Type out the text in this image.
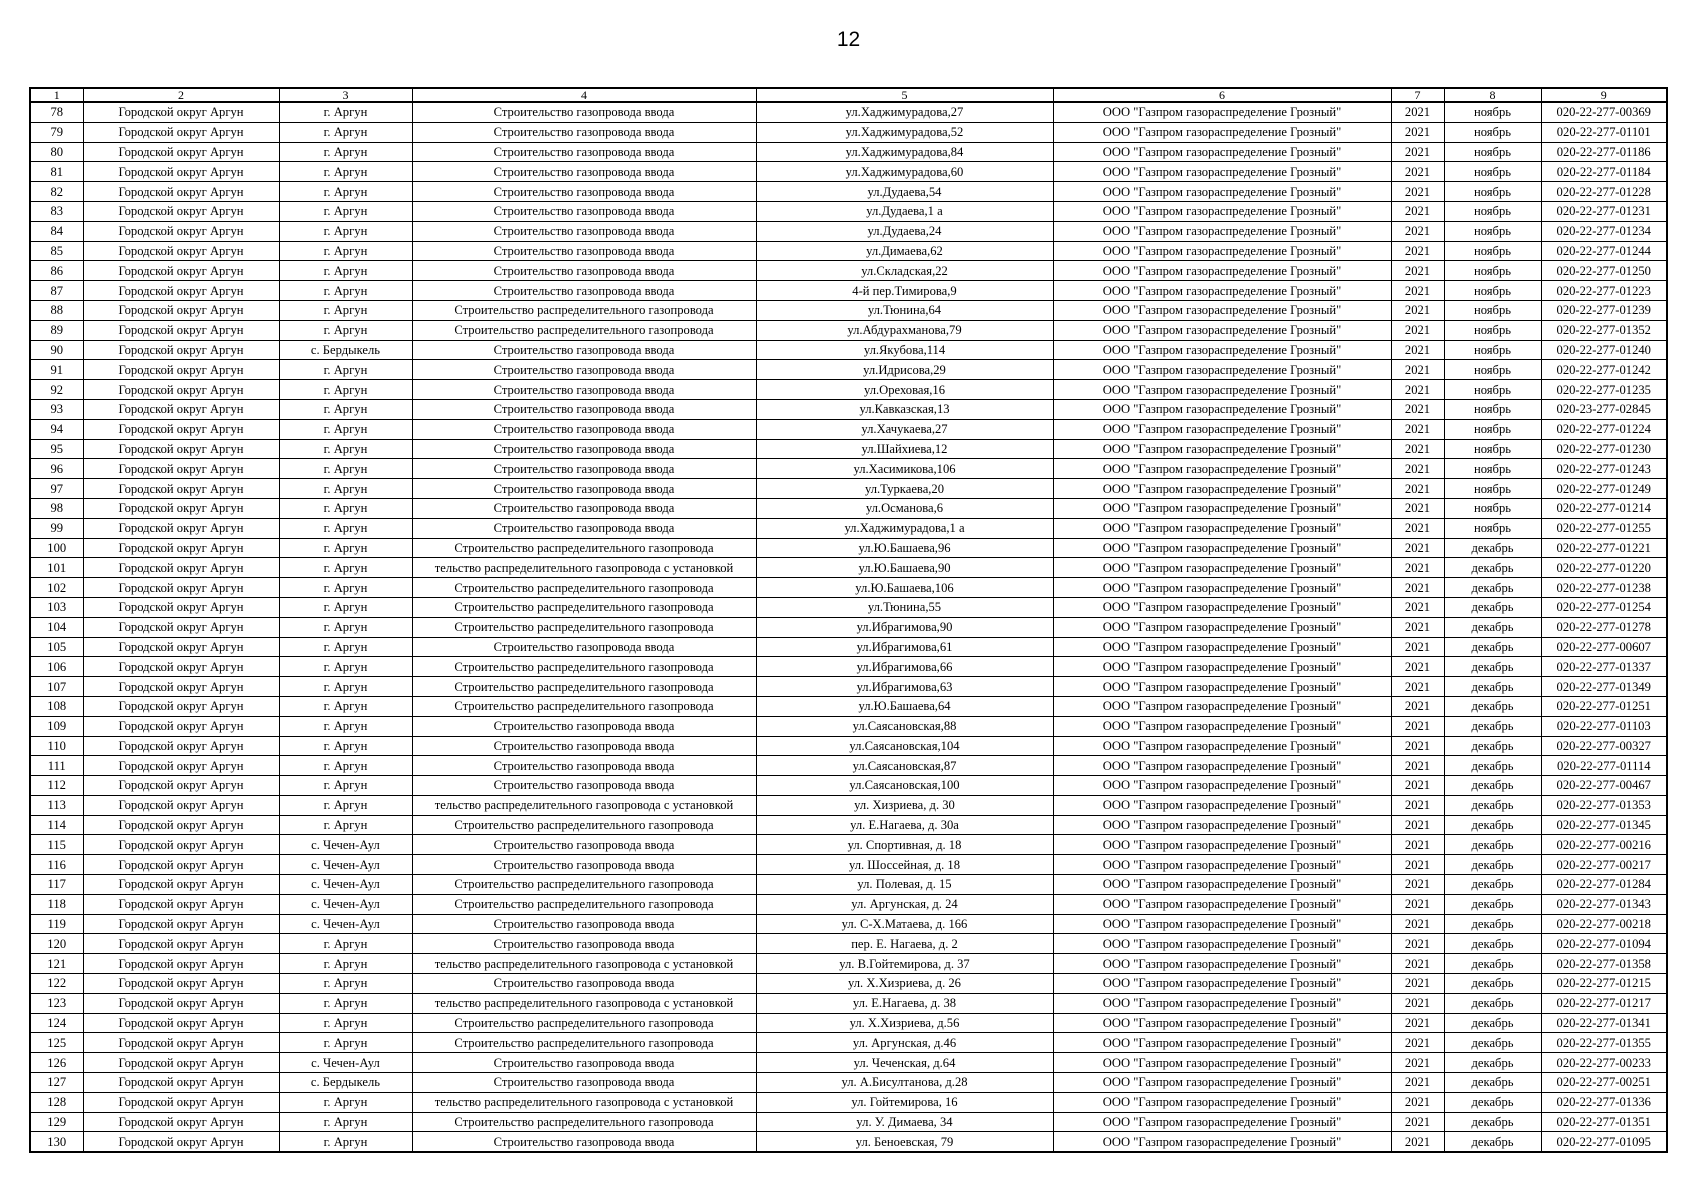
12
1	2	3	4	5	6	7	8	9
78	Городской округ Аргун	г. Аргун	Строительство газопровода ввода	ул.Хаджимурадова,27	ООО "Газпром газораспределение Грозный"	2021	ноябрь	020-22-277-00369
79	Городской округ Аргун	г. Аргун	Строительство газопровода ввода	ул.Хаджимурадова,52	ООО "Газпром газораспределение Грозный"	2021	ноябрь	020-22-277-01101
80	Городской округ Аргун	г. Аргун	Строительство газопровода ввода	ул.Хаджимурадова,84	ООО "Газпром газораспределение Грозный"	2021	ноябрь	020-22-277-01186
81	Городской округ Аргун	г. Аргун	Строительство газопровода ввода	ул.Хаджимурадова,60	ООО "Газпром газораспределение Грозный"	2021	ноябрь	020-22-277-01184
82	Городской округ Аргун	г. Аргун	Строительство газопровода ввода	ул.Дудаева,54	ООО "Газпром газораспределение Грозный"	2021	ноябрь	020-22-277-01228
83	Городской округ Аргун	г. Аргун	Строительство газопровода ввода	ул.Дудаева,1 а	ООО "Газпром газораспределение Грозный"	2021	ноябрь	020-22-277-01231
84	Городской округ Аргун	г. Аргун	Строительство газопровода ввода	ул.Дудаева,24	ООО "Газпром газораспределение Грозный"	2021	ноябрь	020-22-277-01234
85	Городской округ Аргун	г. Аргун	Строительство газопровода ввода	ул.Димаева,62	ООО "Газпром газораспределение Грозный"	2021	ноябрь	020-22-277-01244
86	Городской округ Аргун	г. Аргун	Строительство газопровода ввода	ул.Складская,22	ООО "Газпром газораспределение Грозный"	2021	ноябрь	020-22-277-01250
87	Городской округ Аргун	г. Аргун	Строительство газопровода ввода	4-й пер.Тимирова,9	ООО "Газпром газораспределение Грозный"	2021	ноябрь	020-22-277-01223
88	Городской округ Аргун	г. Аргун	Строительство распределительного газопровода	ул.Тюнина,64	ООО "Газпром газораспределение Грозный"	2021	ноябрь	020-22-277-01239
89	Городской округ Аргун	г. Аргун	Строительство распределительного газопровода	ул.Абдурахманова,79	ООО "Газпром газораспределение Грозный"	2021	ноябрь	020-22-277-01352
90	Городской округ Аргун	с. Бердыкель	Строительство газопровода ввода	ул.Якубова,114	ООО "Газпром газораспределение Грозный"	2021	ноябрь	020-22-277-01240
91	Городской округ Аргун	г. Аргун	Строительство газопровода ввода	ул.Идрисова,29	ООО "Газпром газораспределение Грозный"	2021	ноябрь	020-22-277-01242
92	Городской округ Аргун	г. Аргун	Строительство газопровода ввода	ул.Ореховая,16	ООО "Газпром газораспределение Грозный"	2021	ноябрь	020-22-277-01235
93	Городской округ Аргун	г. Аргун	Строительство газопровода ввода	ул.Кавказская,13	ООО "Газпром газораспределение Грозный"	2021	ноябрь	020-23-277-02845
94	Городской округ Аргун	г. Аргун	Строительство газопровода ввода	ул.Хачукаева,27	ООО "Газпром газораспределение Грозный"	2021	ноябрь	020-22-277-01224
95	Городской округ Аргун	г. Аргун	Строительство газопровода ввода	ул.Шайхиева,12	ООО "Газпром газораспределение Грозный"	2021	ноябрь	020-22-277-01230
96	Городской округ Аргун	г. Аргун	Строительство газопровода ввода	ул.Хасимикова,106	ООО "Газпром газораспределение Грозный"	2021	ноябрь	020-22-277-01243
97	Городской округ Аргун	г. Аргун	Строительство газопровода ввода	ул.Туркаева,20	ООО "Газпром газораспределение Грозный"	2021	ноябрь	020-22-277-01249
98	Городской округ Аргун	г. Аргун	Строительство газопровода ввода	ул.Османова,6	ООО "Газпром газораспределение Грозный"	2021	ноябрь	020-22-277-01214
99	Городской округ Аргун	г. Аргун	Строительство газопровода ввода	ул.Хаджимурадова,1 а	ООО "Газпром газораспределение Грозный"	2021	ноябрь	020-22-277-01255
100	Городской округ Аргун	г. Аргун	Строительство распределительного газопровода	ул.Ю.Башаева,96	ООО "Газпром газораспределение Грозный"	2021	декабрь	020-22-277-01221
101	Городской округ Аргун	г. Аргун	тельство распределительного газопровода с установкой	ул.Ю.Башаева,90	ООО "Газпром газораспределение Грозный"	2021	декабрь	020-22-277-01220
102	Городской округ Аргун	г. Аргун	Строительство распределительного газопровода	ул.Ю.Башаева,106	ООО "Газпром газораспределение Грозный"	2021	декабрь	020-22-277-01238
103	Городской округ Аргун	г. Аргун	Строительство распределительного газопровода	ул.Тюнина,55	ООО "Газпром газораспределение Грозный"	2021	декабрь	020-22-277-01254
104	Городской округ Аргун	г. Аргун	Строительство распределительного газопровода	ул.Ибрагимова,90	ООО "Газпром газораспределение Грозный"	2021	декабрь	020-22-277-01278
105	Городской округ Аргун	г. Аргун	Строительство газопровода ввода	ул.Ибрагимова,61	ООО "Газпром газораспределение Грозный"	2021	декабрь	020-22-277-00607
106	Городской округ Аргун	г. Аргун	Строительство распределительного газопровода	ул.Ибрагимова,66	ООО "Газпром газораспределение Грозный"	2021	декабрь	020-22-277-01337
107	Городской округ Аргун	г. Аргун	Строительство распределительного газопровода	ул.Ибрагимова,63	ООО "Газпром газораспределение Грозный"	2021	декабрь	020-22-277-01349
108	Городской округ Аргун	г. Аргун	Строительство распределительного газопровода	ул.Ю.Башаева,64	ООО "Газпром газораспределение Грозный"	2021	декабрь	020-22-277-01251
109	Городской округ Аргун	г. Аргун	Строительство газопровода ввода	ул.Саясановская,88	ООО "Газпром газораспределение Грозный"	2021	декабрь	020-22-277-01103
110	Городской округ Аргун	г. Аргун	Строительство газопровода ввода	ул.Саясановская,104	ООО "Газпром газораспределение Грозный"	2021	декабрь	020-22-277-00327
111	Городской округ Аргун	г. Аргун	Строительство газопровода ввода	ул.Саясановская,87	ООО "Газпром газораспределение Грозный"	2021	декабрь	020-22-277-01114
112	Городской округ Аргун	г. Аргун	Строительство газопровода ввода	ул.Саясановская,100	ООО "Газпром газораспределение Грозный"	2021	декабрь	020-22-277-00467
113	Городской округ Аргун	г. Аргун	тельство распределительного газопровода с установкой	ул. Хизриева, д. 30	ООО "Газпром газораспределение Грозный"	2021	декабрь	020-22-277-01353
114	Городской округ Аргун	г. Аргун	Строительство распределительного газопровода	ул. Е.Нагаева, д. 30а	ООО "Газпром газораспределение Грозный"	2021	декабрь	020-22-277-01345
115	Городской округ Аргун	с. Чечен-Аул	Строительство газопровода ввода	ул. Спортивная, д. 18	ООО "Газпром газораспределение Грозный"	2021	декабрь	020-22-277-00216
116	Городской округ Аргун	с. Чечен-Аул	Строительство газопровода ввода	ул. Шоссейная, д. 18	ООО "Газпром газораспределение Грозный"	2021	декабрь	020-22-277-00217
117	Городской округ Аргун	с. Чечен-Аул	Строительство распределительного газопровода	ул. Полевая, д. 15	ООО "Газпром газораспределение Грозный"	2021	декабрь	020-22-277-01284
118	Городской округ Аргун	с. Чечен-Аул	Строительство распределительного газопровода	ул. Аргунская, д. 24	ООО "Газпром газораспределение Грозный"	2021	декабрь	020-22-277-01343
119	Городской округ Аргун	с. Чечен-Аул	Строительство газопровода ввода	ул. С-Х.Матаева, д. 166	ООО "Газпром газораспределение Грозный"	2021	декабрь	020-22-277-00218
120	Городской округ Аргун	г. Аргун	Строительство газопровода ввода	пер. Е. Нагаева, д. 2	ООО "Газпром газораспределение Грозный"	2021	декабрь	020-22-277-01094
121	Городской округ Аргун	г. Аргун	тельство распределительного газопровода с установкой	ул. В.Гойтемирова, д. 37	ООО "Газпром газораспределение Грозный"	2021	декабрь	020-22-277-01358
122	Городской округ Аргун	г. Аргун	Строительство газопровода ввода	ул. Х.Хизриева, д. 26	ООО "Газпром газораспределение Грозный"	2021	декабрь	020-22-277-01215
123	Городской округ Аргун	г. Аргун	тельство распределительного газопровода с установкой	ул. Е.Нагаева, д. 38	ООО "Газпром газораспределение Грозный"	2021	декабрь	020-22-277-01217
124	Городской округ Аргун	г. Аргун	Строительство распределительного газопровода	ул. Х.Хизриева, д.56	ООО "Газпром газораспределение Грозный"	2021	декабрь	020-22-277-01341
125	Городской округ Аргун	г. Аргун	Строительство распределительного газопровода	ул. Аргунская, д.46	ООО "Газпром газораспределение Грозный"	2021	декабрь	020-22-277-01355
126	Городской округ Аргун	с. Чечен-Аул	Строительство газопровода ввода	ул. Чеченская, д.64	ООО "Газпром газораспределение Грозный"	2021	декабрь	020-22-277-00233
127	Городской округ Аргун	с. Бердыкель	Строительство газопровода ввода	ул. А.Бисултанова, д.28	ООО "Газпром газораспределение Грозный"	2021	декабрь	020-22-277-00251
128	Городской округ Аргун	г. Аргун	тельство распределительного газопровода с установкой	ул. Гойтемирова, 16	ООО "Газпром газораспределение Грозный"	2021	декабрь	020-22-277-01336
129	Городской округ Аргун	г. Аргун	Строительство распределительного газопровода	ул. У. Димаева, 34	ООО "Газпром газораспределение Грозный"	2021	декабрь	020-22-277-01351
130	Городской округ Аргун	г. Аргун	Строительство газопровода ввода	ул. Беноевская, 79	ООО "Газпром газораспределение Грозный"	2021	декабрь	020-22-277-01095
